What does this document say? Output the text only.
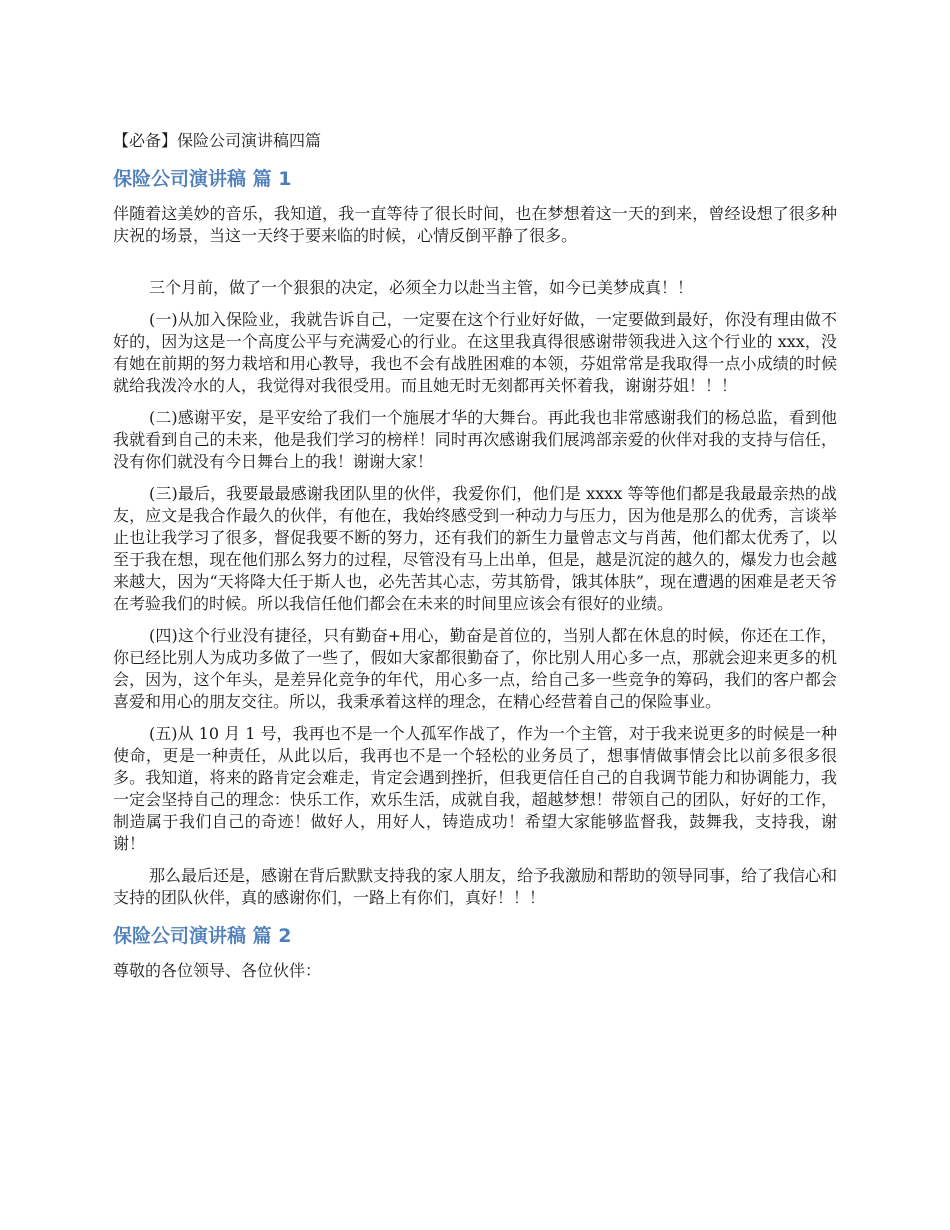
【必备】保险公司演讲稿四篇
保险公司演讲稿 篇 1

伴随着这美妙的音乐，我知道，我一直等待了很长时间，也在梦想着这一天的到来，曾经设想了很多种庆祝的场景，当这一天终于要来临的时候，心情反倒平静了很多。

三个月前，做了一个狠狠的决定，必须全力以赴当主管，如今已美梦成真！！

(一)从加入保险业，我就告诉自己，一定要在这个行业好好做，一定要做到最好，你没有理由做不好的，因为这是一个高度公平与充满爱心的行业。在这里我真得很感谢带领我进入这个行业的 xxx，没有她在前期的努力栽培和用心教导，我也不会有战胜困难的本领，芬姐常常是我取得一点小成绩的时候就给我泼冷水的人，我觉得对我很受用。而且她无时无刻都再关怀着我，谢谢芬姐！！！

(二)感谢平安，是平安给了我们一个施展才华的大舞台。再此我也非常感谢我们的杨总监，看到他我就看到自己的未来，他是我们学习的榜样！同时再次感谢我们展鸿部亲爱的伙伴对我的支持与信任，没有你们就没有今日舞台上的我！谢谢大家！

(三)最后，我要最最感谢我团队里的伙伴，我爱你们，他们是 xxxx 等等他们都是我最最亲热的战友，应文是我合作最久的伙伴，有他在，我始终感受到一种动力与压力，因为他是那么的优秀，言谈举止也让我学习了很多，督促我要不断的努力，还有我们的新生力量曾志文与肖茜，他们都太优秀了，以至于我在想，现在他们那么努力的过程，尽管没有马上出单，但是，越是沉淀的越久的，爆发力也会越来越大，因为“天将降大任于斯人也，必先苦其心志，劳其筋骨，饿其体肤”，现在遭遇的困难是老天爷在考验我们的时候。所以我信任他们都会在未来的时间里应该会有很好的业绩。

(四)这个行业没有捷径，只有勤奋+用心，勤奋是首位的，当别人都在休息的时候，你还在工作，你已经比别人为成功多做了一些了，假如大家都很勤奋了，你比别人用心多一点，那就会迎来更多的机会，因为，这个年头，是差异化竞争的年代，用心多一点，给自己多一些竞争的筹码，我们的客户都会喜爱和用心的朋友交往。所以，我秉承着这样的理念，在精心经营着自己的保险事业。

(五)从 10 月 1 号，我再也不是一个人孤军作战了，作为一个主管，对于我来说更多的时候是一种使命，更是一种责任，从此以后，我再也不是一个轻松的业务员了，想事情做事情会比以前多很多很多。我知道，将来的路肯定会难走，肯定会遇到挫折，但我更信任自己的自我调节能力和协调能力，我一定会坚持自己的理念：快乐工作，欢乐生活，成就自我，超越梦想！带领自己的团队，好好的工作，制造属于我们自己的奇迹！做好人，用好人，铸造成功！希望大家能够监督我，鼓舞我，支持我，谢谢！

那么最后还是，感谢在背后默默支持我的家人朋友，给予我激励和帮助的领导同事，给了我信心和支持的团队伙伴，真的感谢你们，一路上有你们，真好！！！

保险公司演讲稿 篇 2

尊敬的各位领导、各位伙伴：
